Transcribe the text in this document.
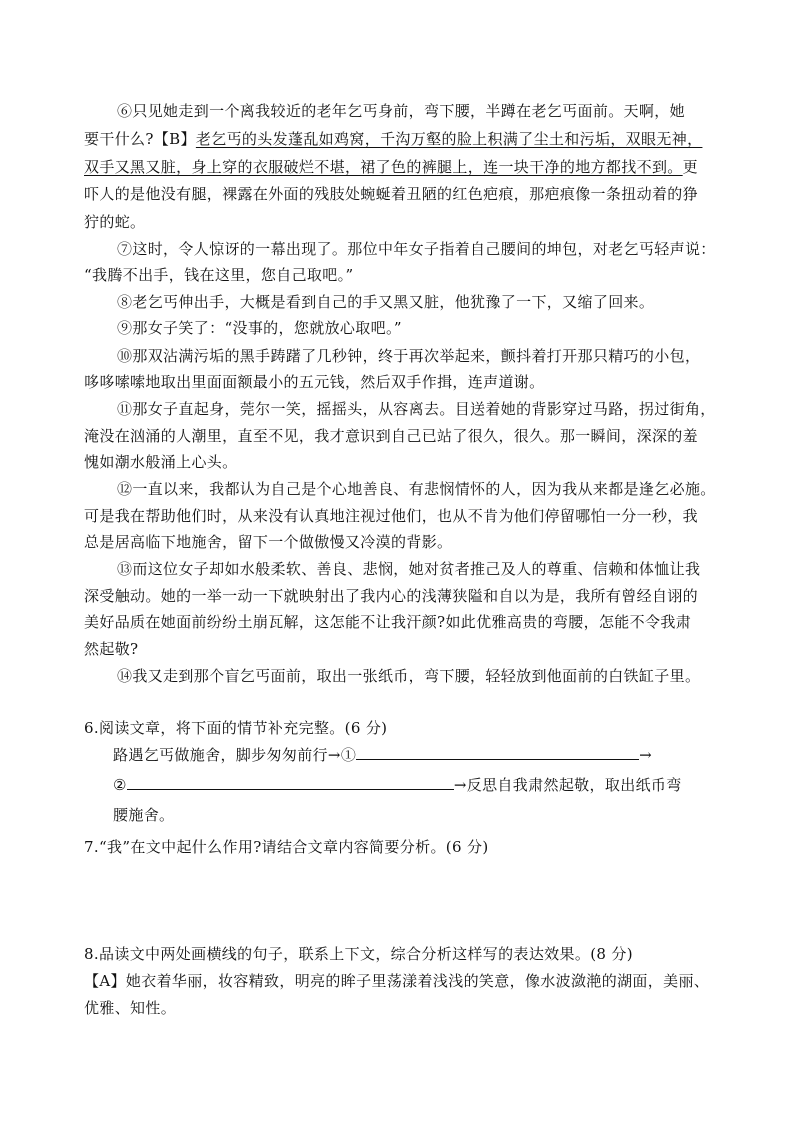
⑥只见她走到一个离我较近的老年乞丐身前，弯下腰，半蹲在老乞丐面前。天啊，她
要干什么?【B】老乞丐的头发蓬乱如鸡窝，千沟万壑的脸上积满了尘土和污垢，双眼无神，
双手又黑又脏，身上穿的衣服破烂不堪，裙了色的裤腿上，连一块干净的地方都找不到。更
吓人的是他没有腿，裸露在外面的残肢处蜿蜒着丑陋的红色疤痕，那疤痕像一条扭动着的狰
狞的蛇。
⑦这时，令人惊讶的一幕出现了。那位中年女子指着自己腰间的坤包，对老乞丐轻声说：
“我腾不出手，钱在这里，您自己取吧。”
⑧老乞丐伸出手，大概是看到自己的手又黑又脏，他犹豫了一下，又缩了回来。
⑨那女子笑了：“没事的，您就放心取吧。”
⑩那双沾满污垢的黑手踌躇了几秒钟，终于再次举起来，颤抖着打开那只精巧的小包，
哆哆嗦嗦地取出里面面额最小的五元钱，然后双手作揖，连声道谢。
⑪那女子直起身，莞尔一笑，摇摇头，从容离去。目送着她的背影穿过马路，拐过街角，
淹没在汹涌的人潮里，直至不见，我才意识到自己已站了很久，很久。那一瞬间，深深的羞
愧如潮水般涌上心头。
⑫一直以来，我都认为自己是个心地善良、有悲悯情怀的人，因为我从来都是逢乞必施。
可是我在帮助他们时，从来没有认真地注视过他们，也从不肯为他们停留哪怕一分一秒，我
总是居高临下地施舍，留下一个做傲慢又冷漠的背影。
⑬而这位女子却如水般柔软、善良、悲悯，她对贫者推己及人的尊重、信赖和体恤让我
深受触动。她的一举一动一下就映射出了我内心的浅薄狭隘和自以为是，我所有曾经自诩的
美好品质在她面前纷纷土崩瓦解，这怎能不让我汗颜?如此优雅高贵的弯腰，怎能不令我肃
然起敬?
⑭我又走到那个盲乞丐面前，取出一张纸币，弯下腰，轻轻放到他面前的白铁缸子里。
6.阅读文章，将下面的情节补充完整。(6 分)
路遇乞丐做施舍，脚步匆匆前行→①	→
②	→反思自我肃然起敬，取出纸币弯
腰施舍。
7.“我”在文中起什么作用?请结合文章内容简要分析。(6 分)
8.品读文中两处画横线的句子，联系上下文，综合分析这样写的表达效果。(8 分)
【A】她衣着华丽，妆容精致，明亮的眸子里荡漾着浅浅的笑意，像水波潋滟的湖面，美丽、
优雅、知性。
